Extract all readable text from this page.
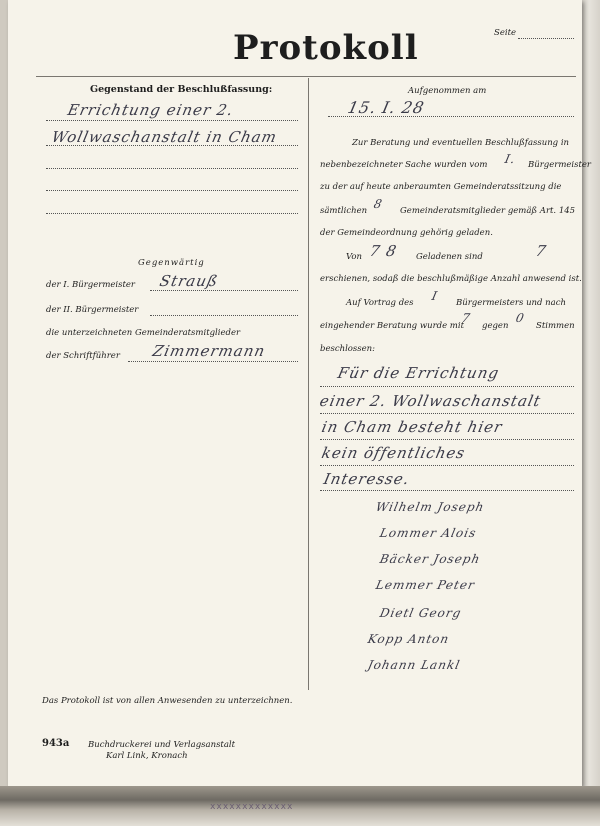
Seite
Protokoll
Gegenstand der Beschlußfassung:
Errichtung einer 2.
Wollwaschanstalt in Cham
Gegenwärtig
der I. Bürgermeister Strauß
der II. Bürgermeister
die unterzeichneten Gemeinderatsmitglieder
der Schriftführer Zimmermann
Aufgenommen am
15. I. 28
Zur Beratung und eventuellen Beschlußfassung in
nebenbezeichneter Sache wurden vom I. Bürgermeister
zu der auf heute anberaumten Gemeinderatssitzung die
sämtlichen 8 Gemeinderatsmitglieder gemäß Art. 145
der Gemeindeordnung gehörig geladen.
Von 7 8 Geladenen sind	7
erschienen, sodaß die beschlußmäßige Anzahl anwesend ist.
Auf Vortrag des I Bürgermeisters und nach
eingehender Beratung wurde mit
7
gegen
0
Stimmen
beschlossen:
Für die Errichtung
einer 2. Wollwaschanstalt
in Cham besteht hier
kein öffentliches
Interesse.
Wilhelm Joseph
Lommer Alois
Bäcker Joseph
Lemmer Peter
Dietl Georg
Kopp Anton
Johann Lankl
Das Protokoll ist von allen Anwesenden zu unterzeichnen.
943a Buchdruckerei und Verlagsanstalt
Karl Link, Kronach
xxxxxxxxxxxxx
